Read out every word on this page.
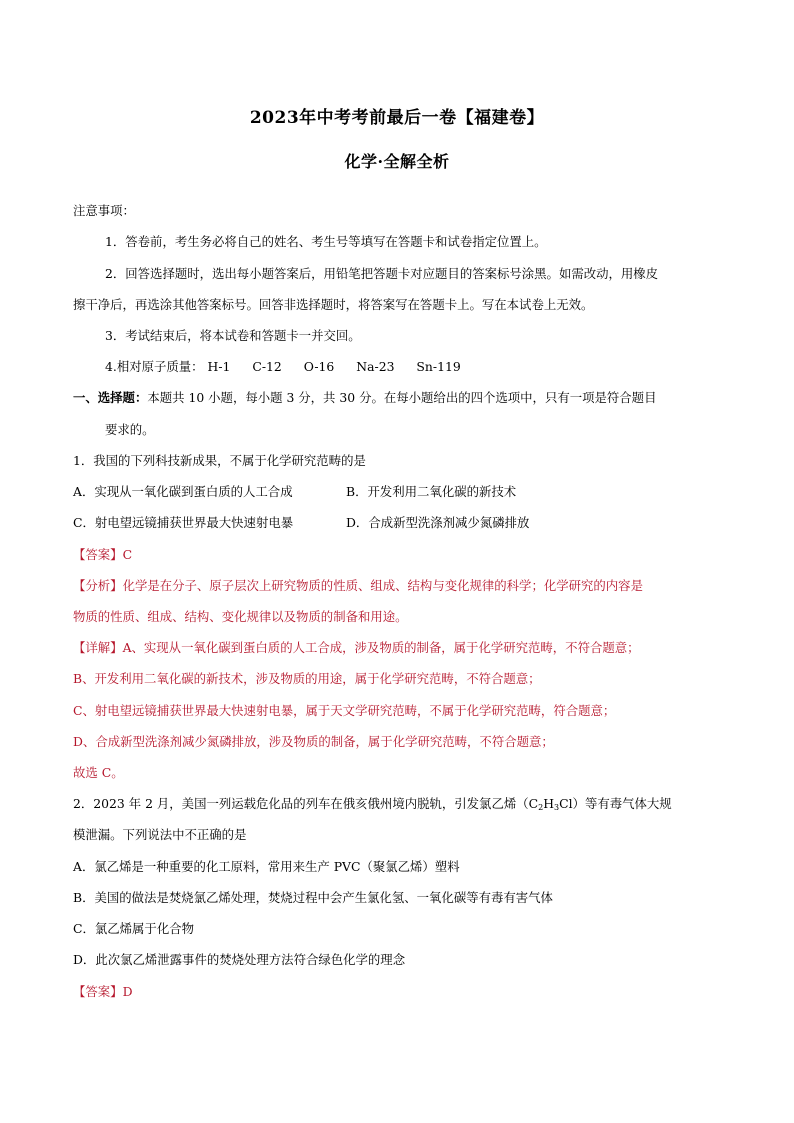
2023年中考考前最后一卷【福建卷】
化学·全解全析
注意事项：
1．答卷前，考生务必将自己的姓名、考生号等填写在答题卡和试卷指定位置上。
2．回答选择题时，选出每小题答案后，用铅笔把答题卡对应题目的答案标号涂黑。如需改动，用橡皮
擦干净后，再选涂其他答案标号。回答非选择题时，将答案写在答题卡上。写在本试卷上无效。
3．考试结束后，将本试卷和答题卡一并交回。
4.相对原子质量： H-1 C-12 O-16 Na-23 Sn-119
一、选择题：本题共 10 小题，每小题 3 分，共 30 分。在每小题给出的四个选项中，只有一项是符合题目
要求的。
1．我国的下列科技新成果，不属于化学研究范畴的是
A．实现从一氧化碳到蛋白质的人工合成	B．开发利用二氧化碳的新技术
C．射电望远镜捕获世界最大快速射电暴	D．合成新型洗涤剂减少氮磷排放
【答案】C
【分析】化学是在分子、原子层次上研究物质的性质、组成、结构与变化规律的科学；化学研究的内容是
物质的性质、组成、结构、变化规律以及物质的制备和用途。
【详解】A、实现从一氧化碳到蛋白质的人工合成，涉及物质的制备，属于化学研究范畴，不符合题意；
B、开发利用二氧化碳的新技术，涉及物质的用途，属于化学研究范畴，不符合题意；
C、射电望远镜捕获世界最大快速射电暴，属于天文学研究范畴，不属于化学研究范畴，符合题意；
D、合成新型洗涤剂减少氮磷排放，涉及物质的制备，属于化学研究范畴，不符合题意；
故选 C。
2．2023 年 2 月，美国一列运载危化品的列车在俄亥俄州境内脱轨，引发氯乙烯$(C_2H_3Cl)$等有毒气体大规
模泄漏。下列说法中不正确的是
A．氯乙烯是一种重要的化工原料，常用来生产 PVC（聚氯乙烯）塑料
B．美国的做法是焚烧氯乙烯处理，焚烧过程中会产生氯化氢、一氧化碳等有毒有害气体
C．氯乙烯属于化合物
D．此次氯乙烯泄露事件的焚烧处理方法符合绿色化学的理念
【答案】D
